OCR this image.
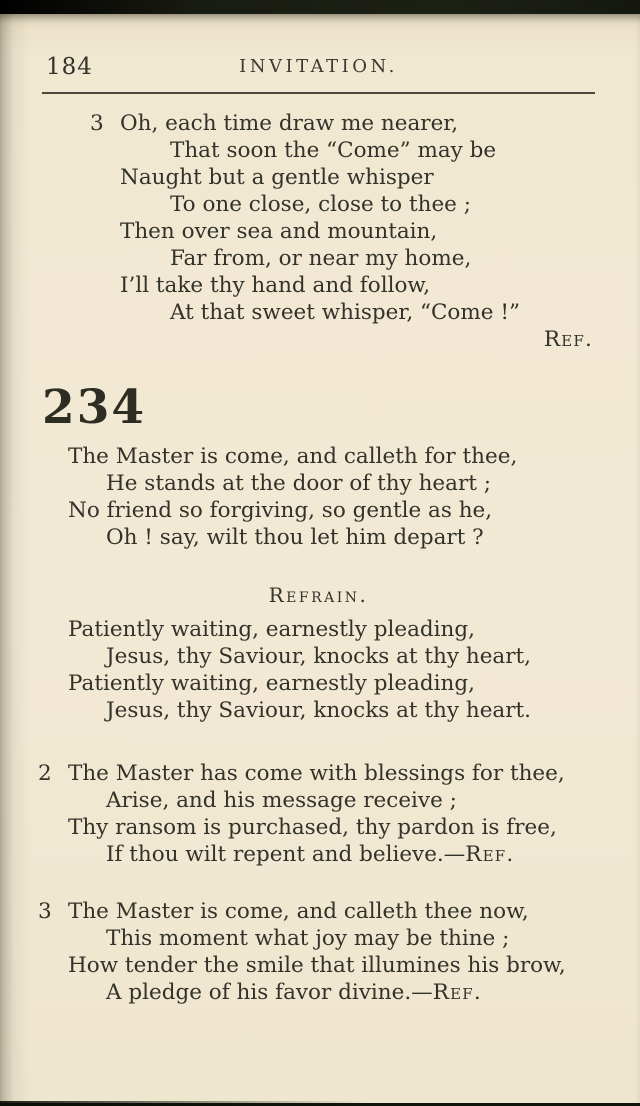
184	INVITATION.
3 Oh, each time draw me nearer,
That soon the “Come” may be
Naught but a gentle whisper
To one close, close to thee ;
Then over sea and mountain,
Far from, or near my home,
I’ll take thy hand and follow,
At that sweet whisper, “Come !”
Ref.
234
The Master is come, and calleth for thee,
He stands at the door of thy heart ;
No friend so forgiving, so gentle as he,
Oh ! say, wilt thou let him depart ?
Refrain.
Patiently waiting, earnestly pleading,
Jesus, thy Saviour, knocks at thy heart,
Patiently waiting, earnestly pleading,
Jesus, thy Saviour, knocks at thy heart.
2 The Master has come with blessings for thee,
Arise, and his message receive ;
Thy ransom is purchased, thy pardon is free,
If thou wilt repent and believe.—Ref.
3 The Master is come, and calleth thee now,
This moment what joy may be thine ;
How tender the smile that illumines his brow,
A pledge of his favor divine.—Ref.
